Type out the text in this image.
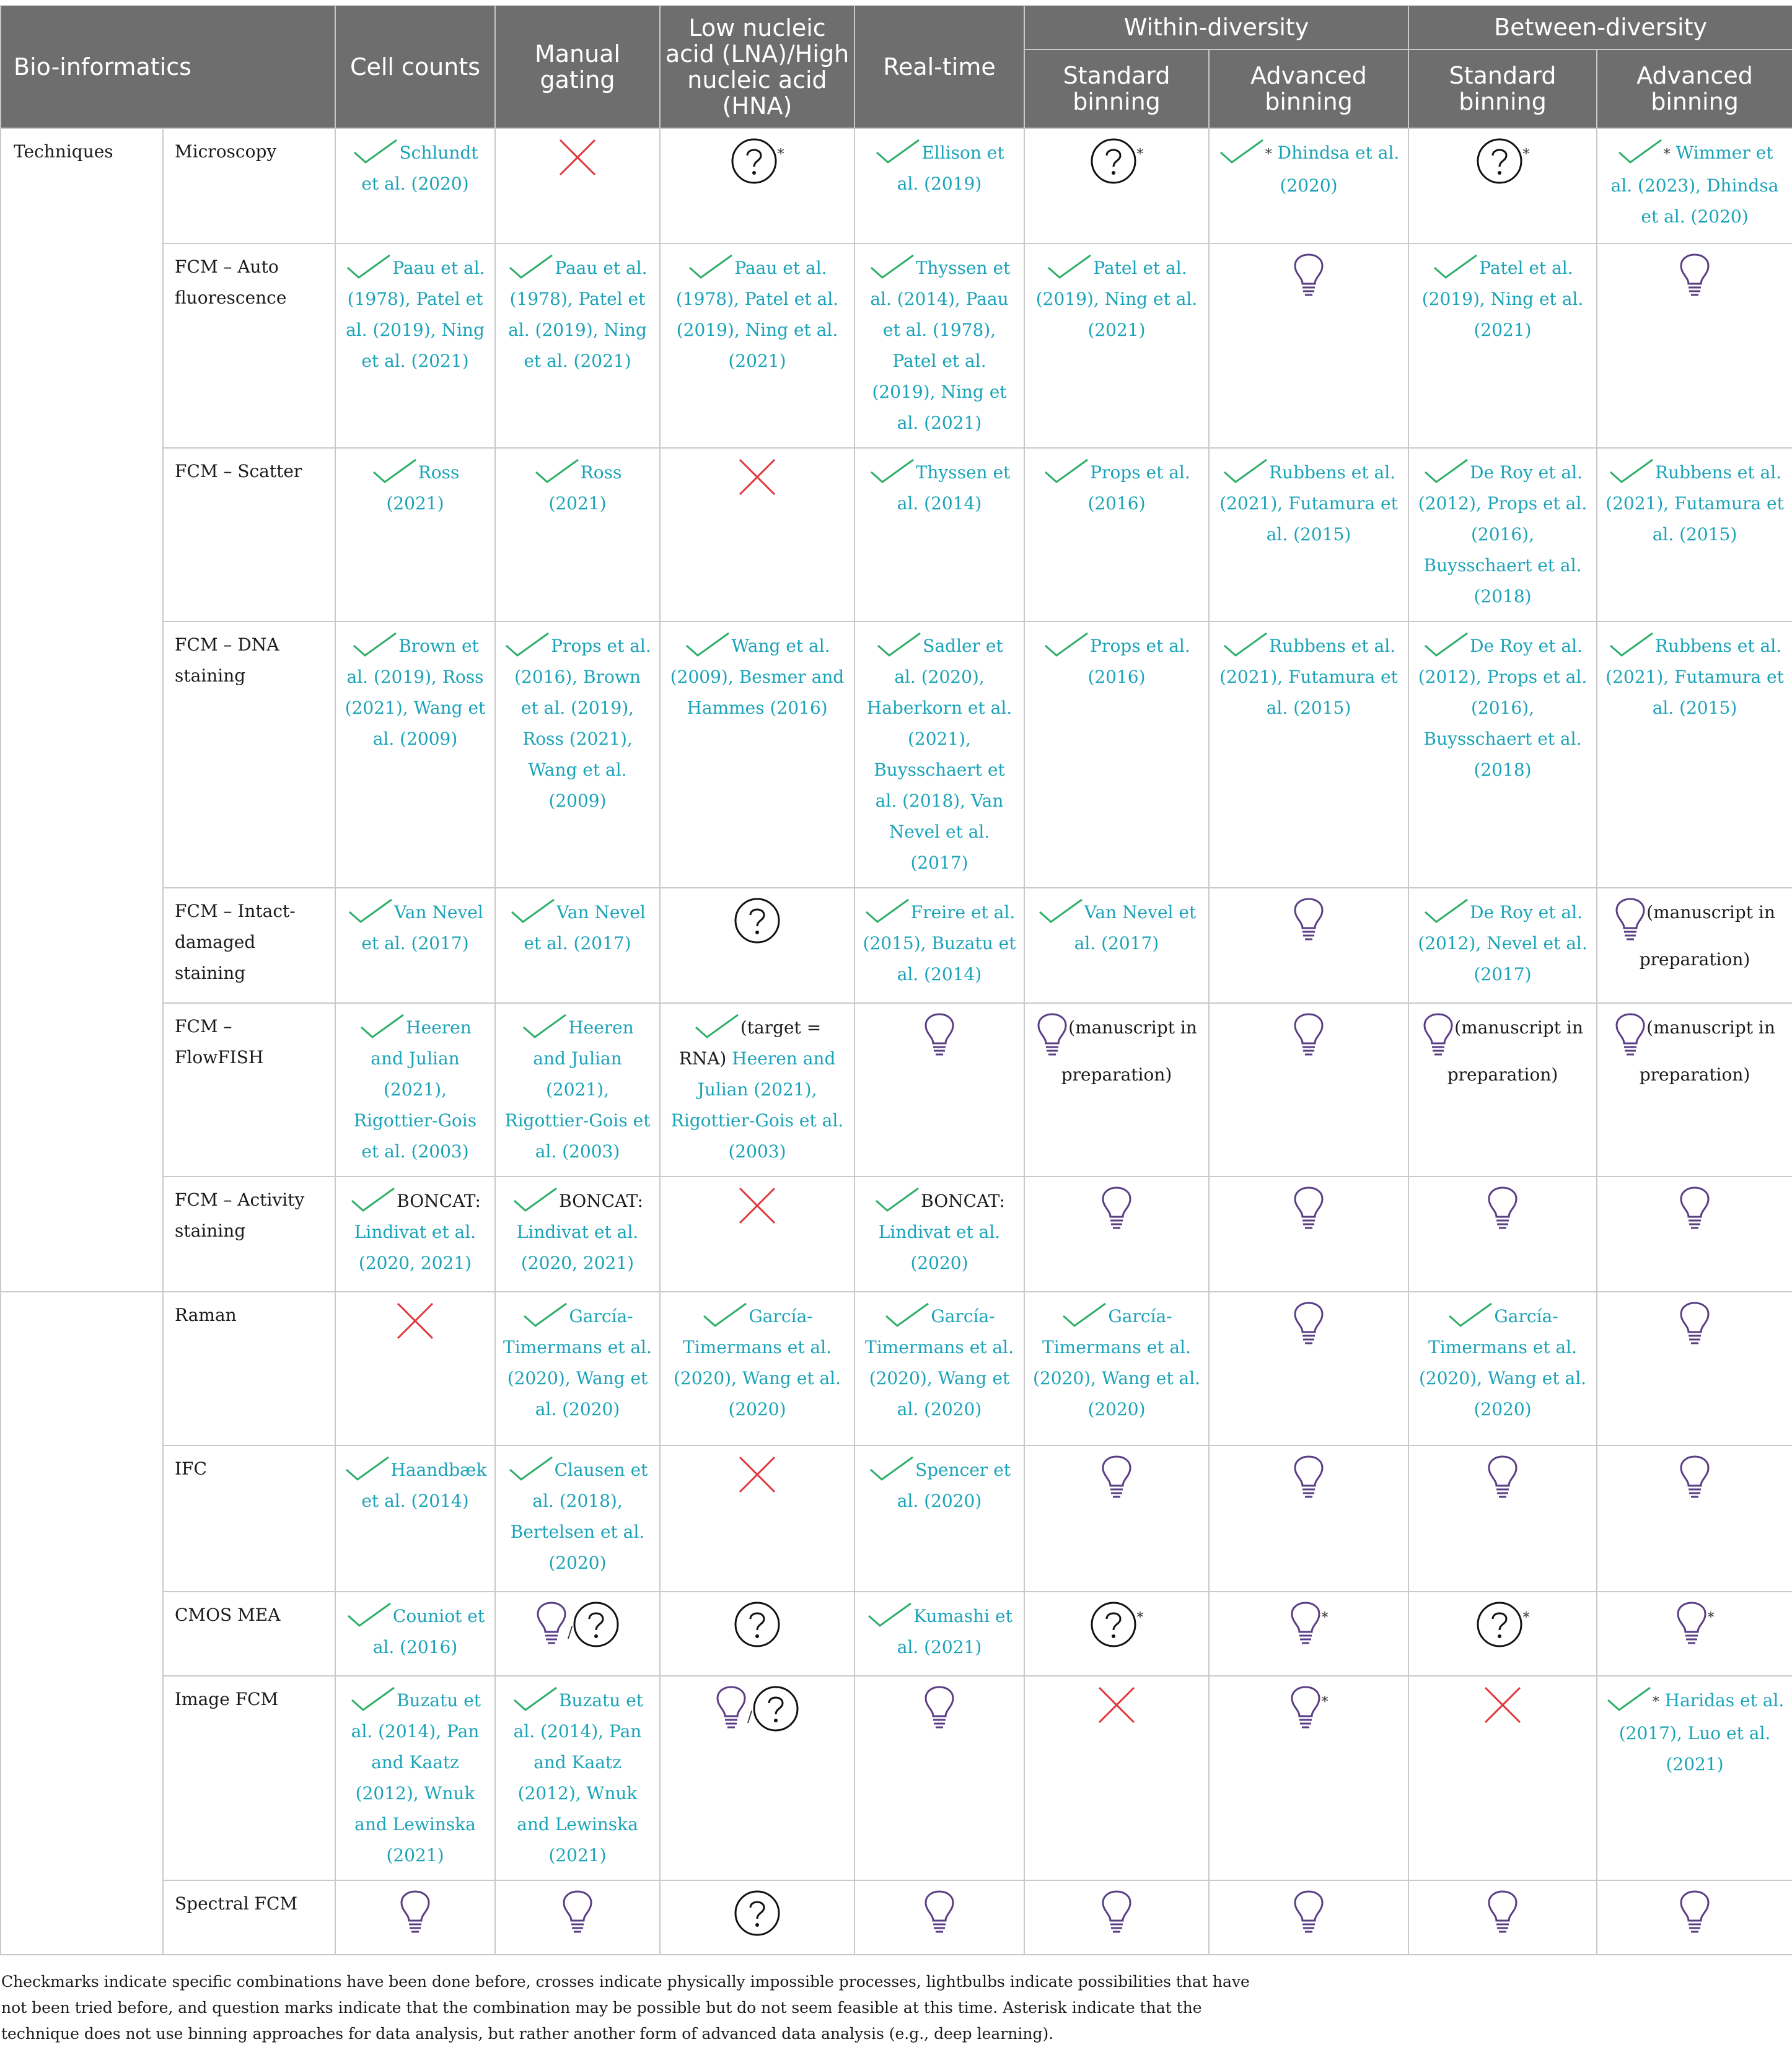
Bio-informatics		Cell counts	Manual gating	Low nucleic acid (LNA)/High nucleic acid (HNA)	Real-time	Within-diversity		Between-diversity	
						Standard binning	Advanced binning	Standard binning	Advanced binning
Techniques	Microscopy	Schlundt et al. (2020)		*	Ellison et al. (2019)	*	* Dhindsa et al. (2020)	*	* Wimmer et al. (2023), Dhindsa et al. (2020)
	FCM – Auto fluorescence	Paau et al. (1978), Patel et al. (2019), Ning et al. (2021)	Paau et al. (1978), Patel et al. (2019), Ning et al. (2021)	Paau et al. (1978), Patel et al. (2019), Ning et al. (2021)	Thyssen et al. (2014), Paau et al. (1978), Patel et al. (2019), Ning et al. (2021)	Patel et al. (2019), Ning et al. (2021)		Patel et al. (2019), Ning et al. (2021)	
	FCM – Scatter	Ross (2021)	Ross (2021)		Thyssen et al. (2014)	Props et al. (2016)	Rubbens et al. (2021), Futamura et al. (2015)	De Roy et al. (2012), Props et al. (2016), Buysschaert et al. (2018)	Rubbens et al. (2021), Futamura et al. (2015)
	FCM – DNA staining	Brown et al. (2019), Ross (2021), Wang et al. (2009)	Props et al. (2016), Brown et al. (2019), Ross (2021), Wang et al. (2009)	Wang et al. (2009), Besmer and Hammes (2016)	Sadler et al. (2020), Haberkorn et al. (2021), Buysschaert et al. (2018), Van Nevel et al. (2017)	Props et al. (2016)	Rubbens et al. (2021), Futamura et al. (2015)	De Roy et al. (2012), Props et al. (2016), Buysschaert et al. (2018)	Rubbens et al. (2021), Futamura et al. (2015)
	FCM – Intact-damaged staining	Van Nevel et al. (2017)	Van Nevel et al. (2017)		Freire et al. (2015), Buzatu et al. (2014)	Van Nevel et al. (2017)		De Roy et al. (2012), Nevel et al. (2017)	(manuscript in preparation)
	FCM – FlowFISH	Heeren and Julian (2021), Rigottier-Gois et al. (2003)	Heeren and Julian (2021), Rigottier-Gois et al. (2003)	(target = RNA) Heeren and Julian (2021), Rigottier-Gois et al. (2003)		(manuscript in preparation)		(manuscript in preparation)	(manuscript in preparation)
	FCM – Activity staining	BONCAT: Lindivat et al. (2020, 2021)	BONCAT: Lindivat et al. (2020, 2021)		BONCAT: Lindivat et al. (2020)				
	Raman		García-Timermans et al. (2020), Wang et al. (2020)	García-Timermans et al. (2020), Wang et al. (2020)	García-Timermans et al. (2020), Wang et al. (2020)	García-Timermans et al. (2020), Wang et al. (2020)		García-Timermans et al. (2020), Wang et al. (2020)	
	IFC	Haandbæk et al. (2014)	Clausen et al. (2018), Bertelsen et al. (2020)		Spencer et al. (2020)				
	CMOS MEA	Couniot et al. (2016)	/		Kumashi et al. (2021)	*	*	*	*
	Image FCM	Buzatu et al. (2014), Pan and Kaatz (2012), Wnuk and Lewinska (2021)	Buzatu et al. (2014), Pan and Kaatz (2012), Wnuk and Lewinska (2021)	/			*		* Haridas et al. (2017), Luo et al. (2021)
	Spectral FCM								
Checkmarks indicate specific combinations have been done before, crosses indicate physically impossible processes, lightbulbs indicate possibilities that have not been tried before, and question marks indicate that the combination may be possible but do not seem feasible at this time. Asterisk indicate that the technique does not use binning approaches for data analysis, but rather another form of advanced data analysis (e.g., deep learning).
